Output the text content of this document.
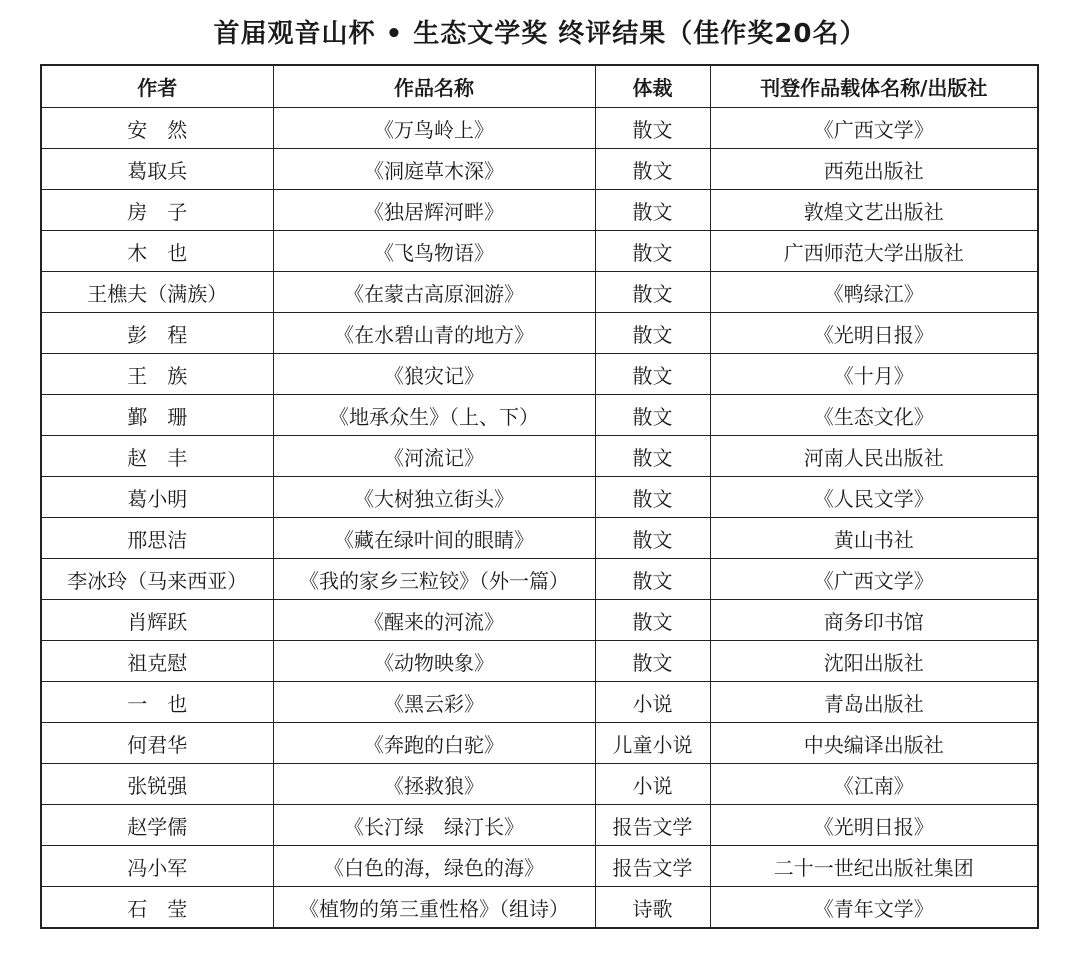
首届观音山杯 • 生态文学奖 终评结果（佳作奖20名）
作者	作品名称	体裁	刊登作品载体名称/出版社
安　然	《万鸟岭上》	散文	《广西文学》
葛取兵	《洞庭草木深》	散文	西苑出版社
房　子	《独居辉河畔》	散文	敦煌文艺出版社
木　也	《飞鸟物语》	散文	广西师范大学出版社
王樵夫（满族）	《在蒙古高原洄游》	散文	《鸭绿江》
彭　程	《在水碧山青的地方》	散文	《光明日报》
王　族	《狼灾记》	散文	《十月》
鄞　珊	《地承众生》（上、下）	散文	《生态文化》
赵　丰	《河流记》	散文	河南人民出版社
葛小明	《大树独立街头》	散文	《人民文学》
邢思洁	《藏在绿叶间的眼睛》	散文	黄山书社
李冰玲（马来西亚）	《我的家乡三粒铰》（外一篇）	散文	《广西文学》
肖辉跃	《醒来的河流》	散文	商务印书馆
祖克慰	《动物映象》	散文	沈阳出版社
一　也	《黑云彩》	小说	青岛出版社
何君华	《奔跑的白驼》	儿童小说	中央编译出版社
张锐强	《拯救狼》	小说	《江南》
赵学儒	《长汀绿　绿汀长》	报告文学	《光明日报》
冯小军	《白色的海，绿色的海》	报告文学	二十一世纪出版社集团
石　莹	《植物的第三重性格》（组诗）	诗歌	《青年文学》
